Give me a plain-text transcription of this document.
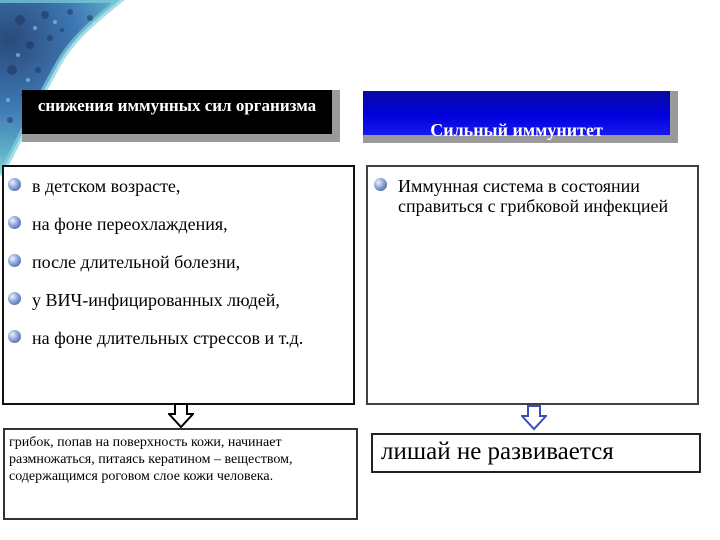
снижения иммунных сил организма
Сильный иммунитет
в детском возрасте,
на фоне переохлаждения,
после длительной болезни,
у ВИЧ-инфицированных людей,
на фоне длительных стрессов и т.д.
Иммунная система в состоянии справиться с грибковой инфекцией
грибок, попав на поверхность кожи, начинает размножаться, питаясь кератином – веществом, содержащимся роговом слое кожи человека.
лишай не развивается
